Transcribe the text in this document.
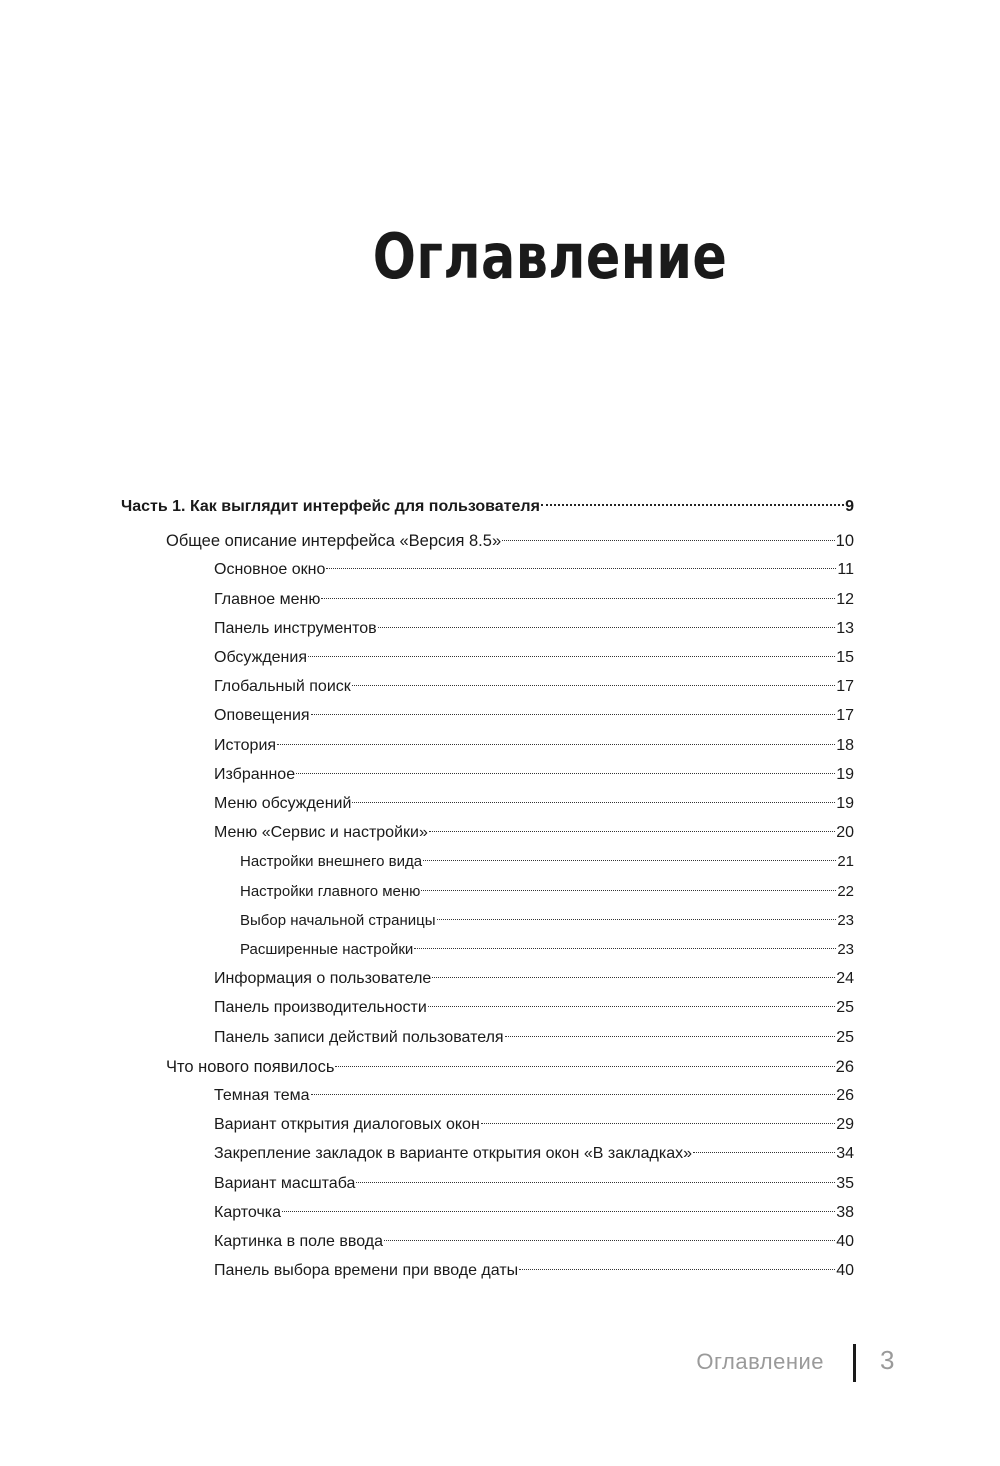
Оглавление
Часть 1. Как выглядит интерфейс для пользователя	9
Общее описание интерфейса «Версия 8.5»	10
Основное окно	11
Главное меню	12
Панель инструментов	13
Обсуждения	15
Глобальный поиск	17
Оповещения	17
История	18
Избранное	19
Меню обсуждений	19
Меню «Сервис и настройки»	20
Настройки внешнего вида	21
Настройки главного меню	22
Выбор начальной страницы	23
Расширенные настройки	23
Информация о пользователе	24
Панель производительности	25
Панель записи действий пользователя	25
Что нового появилось	26
Темная тема	26
Вариант открытия диалоговых окон	29
Закрепление закладок в варианте открытия окон «В закладках»	34
Вариант масштаба	35
Карточка	38
Картинка в поле ввода	40
Панель выбора времени при вводе даты	40
Оглавление 3
